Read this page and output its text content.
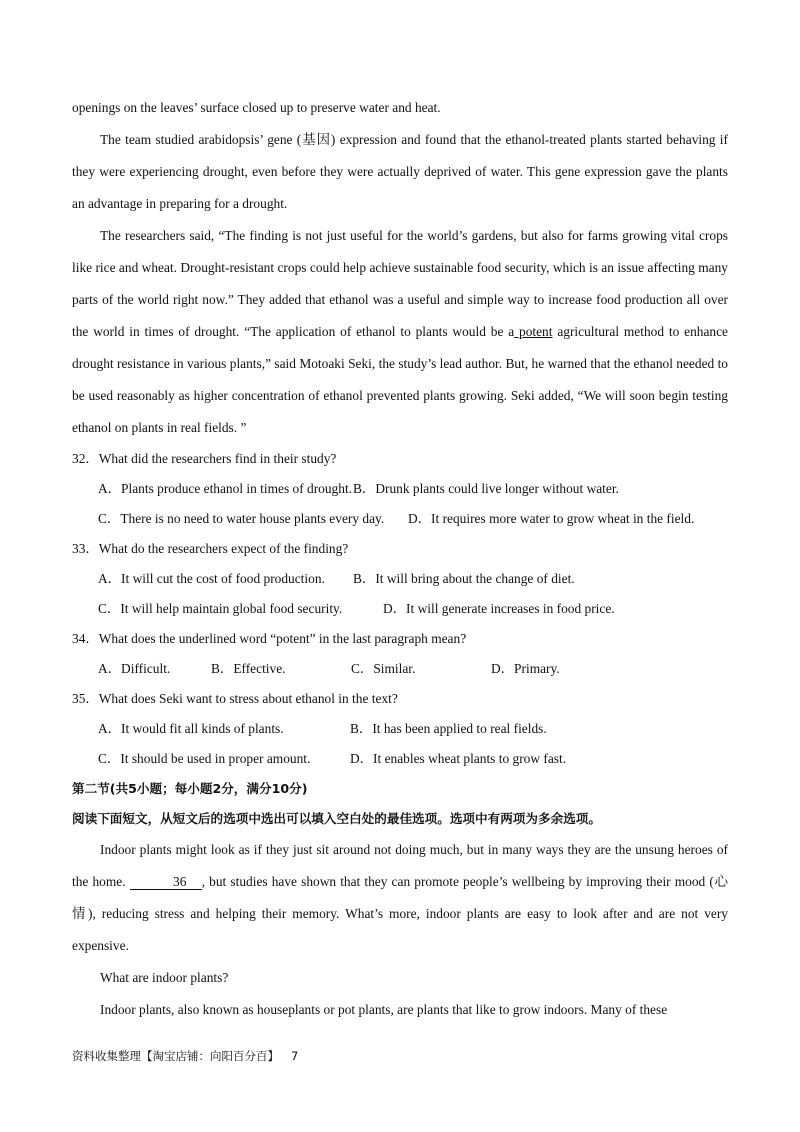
openings on the leaves’ surface closed up to preserve water and heat.

The team studied arabidopsis’ gene (基因) expression and found that the ethanol-treated plants started behaving if they were experiencing drought, even before they were actually deprived of water. This gene expression gave the plants an advantage in preparing for a drought.

The researchers said, “The finding is not just useful for the world’s gardens, but also for farms growing vital crops like rice and wheat. Drought-resistant crops could help achieve sustainable food security, which is an issue affecting many parts of the world right now.” They added that ethanol was a useful and simple way to increase food production all over the world in times of drought. “The application of ethanol to plants would be a potent agricultural method to enhance drought resistance in various plants,” said Motoaki Seki, the study’s lead author. But, he warned that the ethanol needed to be used reasonably as higher concentration of ethanol prevented plants growing. Seki added, “We will soon begin testing ethanol on plants in real fields. ”

32．What did the researchers find in their study?

A．Plants produce ethanol in times of drought. B．Drunk plants could live longer without water.
C．There is no need to water house plants every day.	D．It requires more water to grow wheat in the field.

33．What do the researchers expect of the finding?

A．It will cut the cost of food production.	B．It will bring about the change of diet.
C．It will help maintain global food security.	D．It will generate increases in food price.

34．What does the underlined word “potent” in the last paragraph mean?

A．Difficult.	B．Effective.	C．Similar.	D．Primary.

35．What does Seki want to stress about ethanol in the text?

A．It would fit all kinds of plants.	B．It has been applied to real fields.
C．It should be used in proper amount.	D．It enables wheat plants to grow fast.

第二节(共5小题；每小题2分，满分10分)

阅读下面短文，从短文后的选项中选出可以填入空白处的最佳选项。选项中有两项为多余选项。

Indoor plants might look as if they just sit around not doing much, but in many ways they are the unsung heroes of the home.	36 , but studies have shown that they can promote people’s wellbeing by improving their mood (心情), reducing stress and helping their memory. What’s more, indoor plants are easy to look after and are not very expensive.

What are indoor plants?

Indoor plants, also known as houseplants or pot plants, are plants that like to grow indoors. Many of these

资料收集整理【淘宝店铺：向阳百分百】 7
